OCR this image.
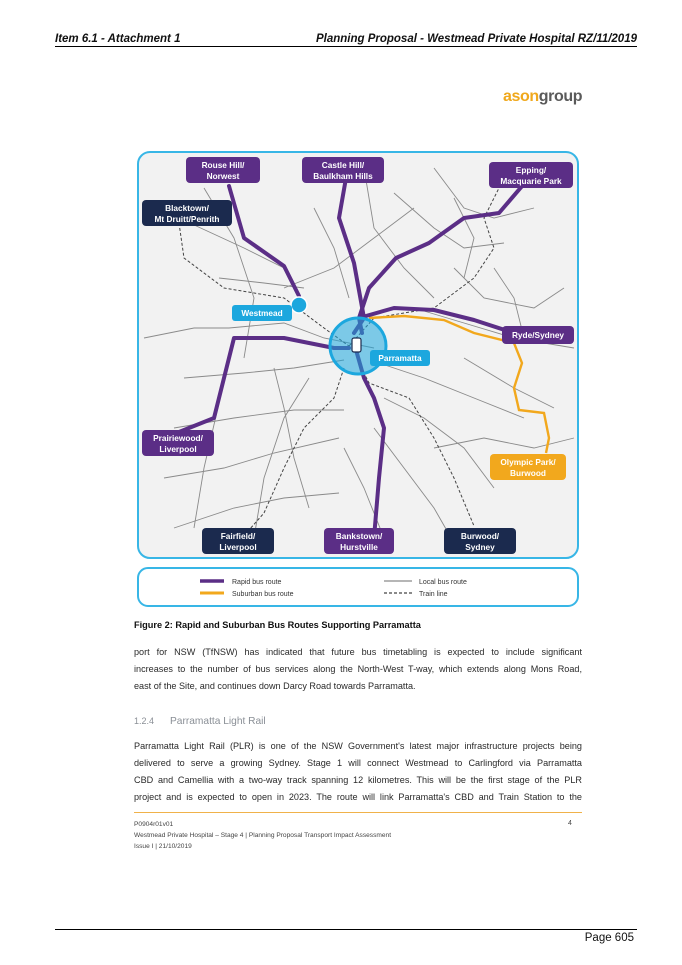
Item 6.1 - Attachment 1	Planning Proposal - Westmead Private Hospital RZ/11/2019
asongroup
Rouse Hill/
Norwest
Castle Hill/
Baulkham Hills
Epping/
Macquarie Park
Ryde/Sydney
Prairiewood/
Liverpool
Bankstown/
Hurstville
Blacktown/
Mt Druitt/Penrith
Fairfield/
Liverpool
Burwood/
Sydney
Olympic Park/
Burwood
Westmead
Parramatta
Rapid bus route
Suburban bus route
Local bus route
Train line
Figure 2: Rapid and Suburban Bus Routes Supporting Parramatta
port for NSW (TfNSW) has indicated that future bus timetabling is expected to include significant
increases to the number of bus services along the North-West T-way, which extends along Mons Road,
east of the Site, and continues down Darcy Road towards Parramatta.
1.2.4 Parramatta Light Rail
Parramatta Light Rail (PLR) is one of the NSW Government's latest major infrastructure projects being
delivered to serve a growing Sydney. Stage 1 will connect Westmead to Carlingford via Parramatta
CBD and Camellia with a two-way track spanning 12 kilometres. This will be the first stage of the PLR
project and is expected to open in 2023. The route will link Parramatta's CBD and Train Station to the
P0904r01v01
Westmead Private Hospital – Stage 4 | Planning Proposal Transport Impact Assessment
Issue I | 21/10/2019
4
Page 605
